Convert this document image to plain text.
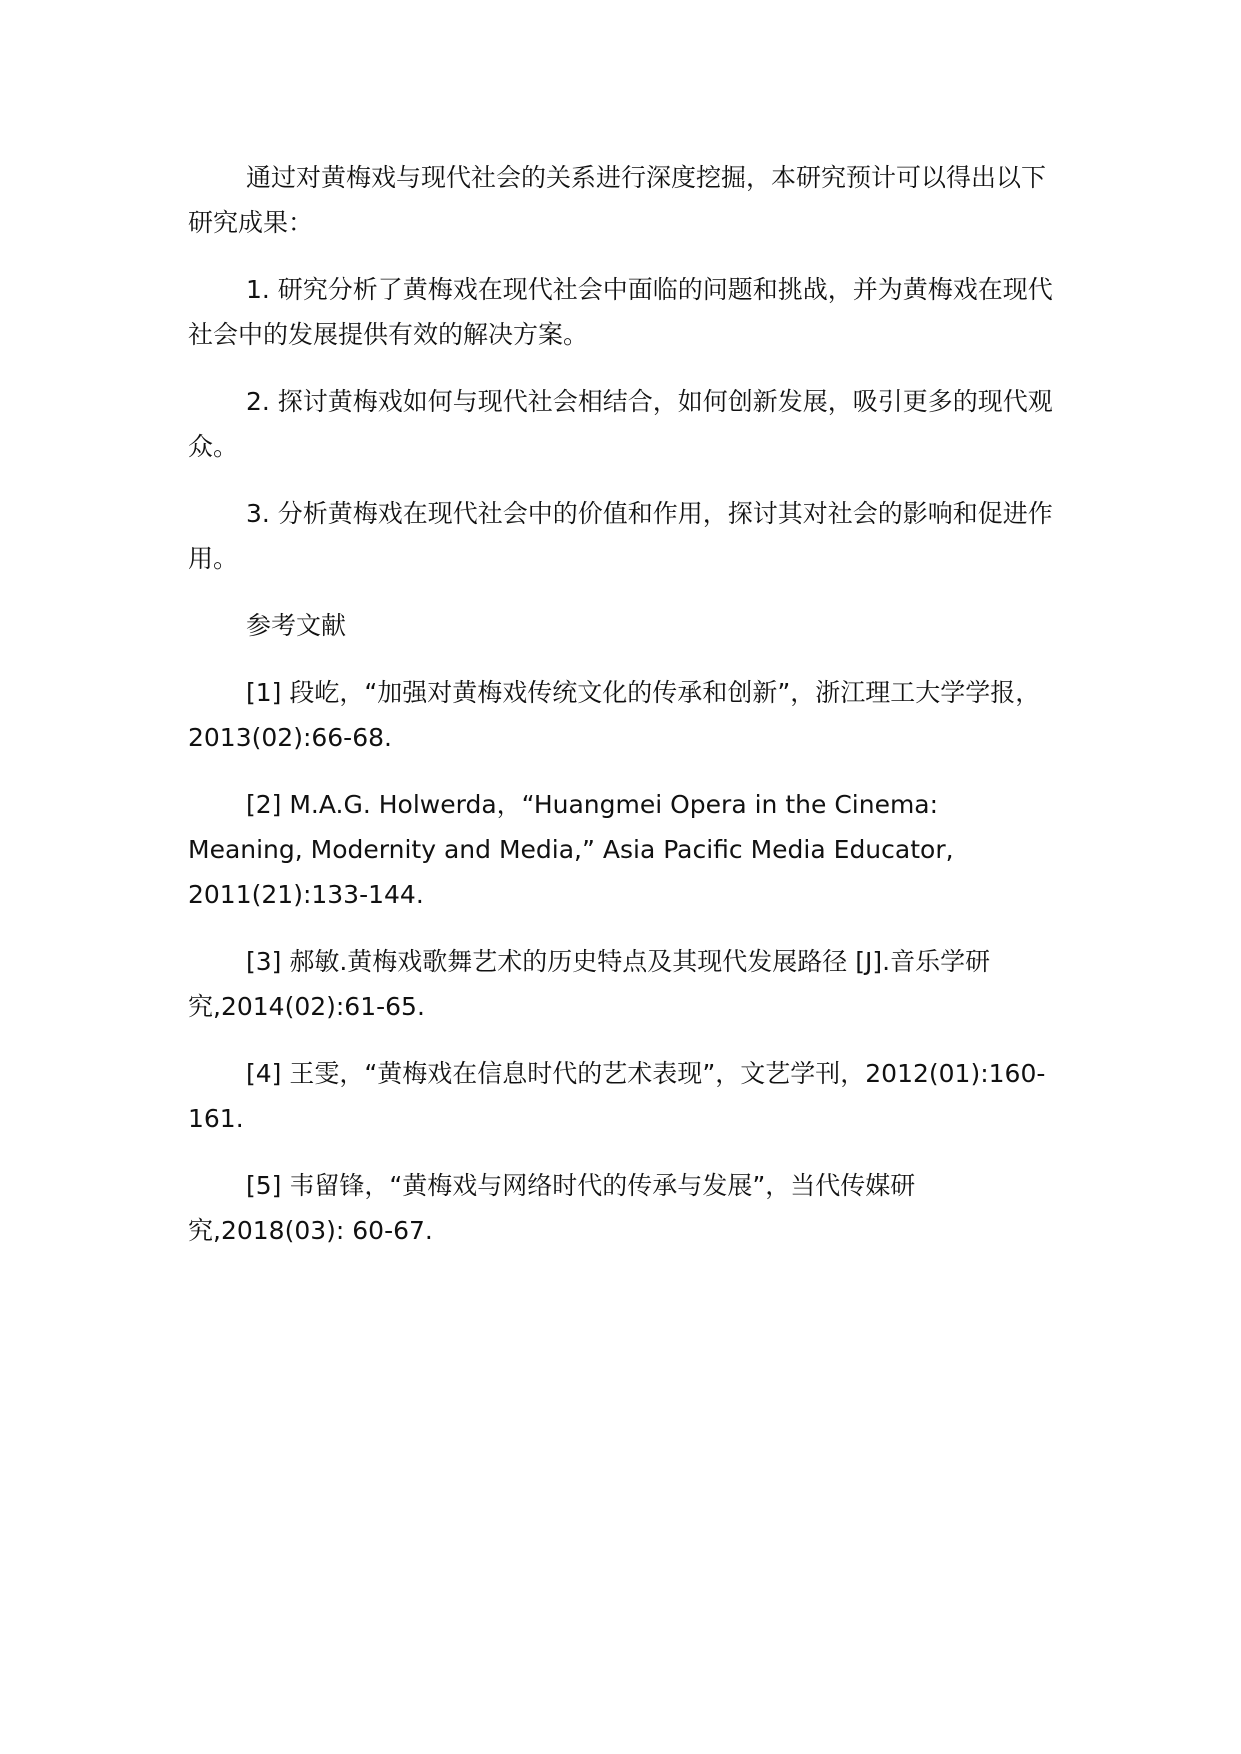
通过对黄梅戏与现代社会的关系进行深度挖掘，本研究预计可以得出以下研究成果：

1. 研究分析了黄梅戏在现代社会中面临的问题和挑战，并为黄梅戏在现代社会中的发展提供有效的解决方案。

2. 探讨黄梅戏如何与现代社会相结合，如何创新发展，吸引更多的现代观众。

3. 分析黄梅戏在现代社会中的价值和作用，探讨其对社会的影响和促进作用。

参考文献

[1] 段屹，“加强对黄梅戏传统文化的传承和创新”，浙江理工大学学报，2013(02):66-68.

[2] M.A.G. Holwerda，“Huangmei Opera in the Cinema: Meaning, Modernity and Media,” Asia Pacific Media Educator, 2011(21):133-144.

[3] 郝敏.黄梅戏歌舞艺术的历史特点及其现代发展路径 [J].音乐学研究,2014(02):61-65.

[4] 王雯，“黄梅戏在信息时代的艺术表现”，文艺学刊，2012(01):160-161.

[5] 韦留锋，“黄梅戏与网络时代的传承与发展”，当代传媒研究,2018(03): 60-67.
